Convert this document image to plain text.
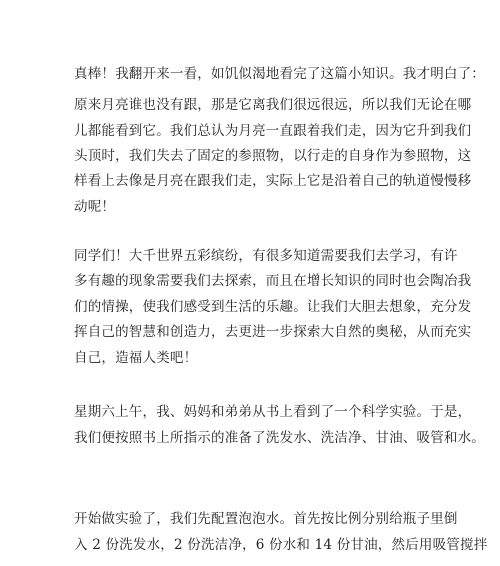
真棒！我翻开来一看，如饥似渴地看完了这篇小知识。我才明白了：
原来月亮谁也没有跟，那是它离我们很远很远，所以我们无论在哪
儿都能看到它。我们总认为月亮一直跟着我们走，因为它升到我们
头顶时，我们失去了固定的参照物，以行走的自身作为参照物，这
样看上去像是月亮在跟我们走，实际上它是沿着自己的轨道慢慢移
动呢！
同学们！大千世界五彩缤纷，有很多知道需要我们去学习，有许
多有趣的现象需要我们去探索，而且在增长知识的同时也会陶冶我
们的情操，使我们感受到生活的乐趣。让我们大胆去想象，充分发
挥自己的智慧和创造力，去更进一步探索大自然的奥秘，从而充实
自己，造福人类吧！
星期六上午，我、妈妈和弟弟从书上看到了一个科学实验。于是，
我们便按照书上所指示的准备了洗发水、洗洁净、甘油、吸管和水。
开始做实验了，我们先配置泡泡水。首先按比例分别给瓶子里倒
入 2 份洗发水，2 份洗洁净，6 份水和 14 份甘油，然后用吸管搅拌
